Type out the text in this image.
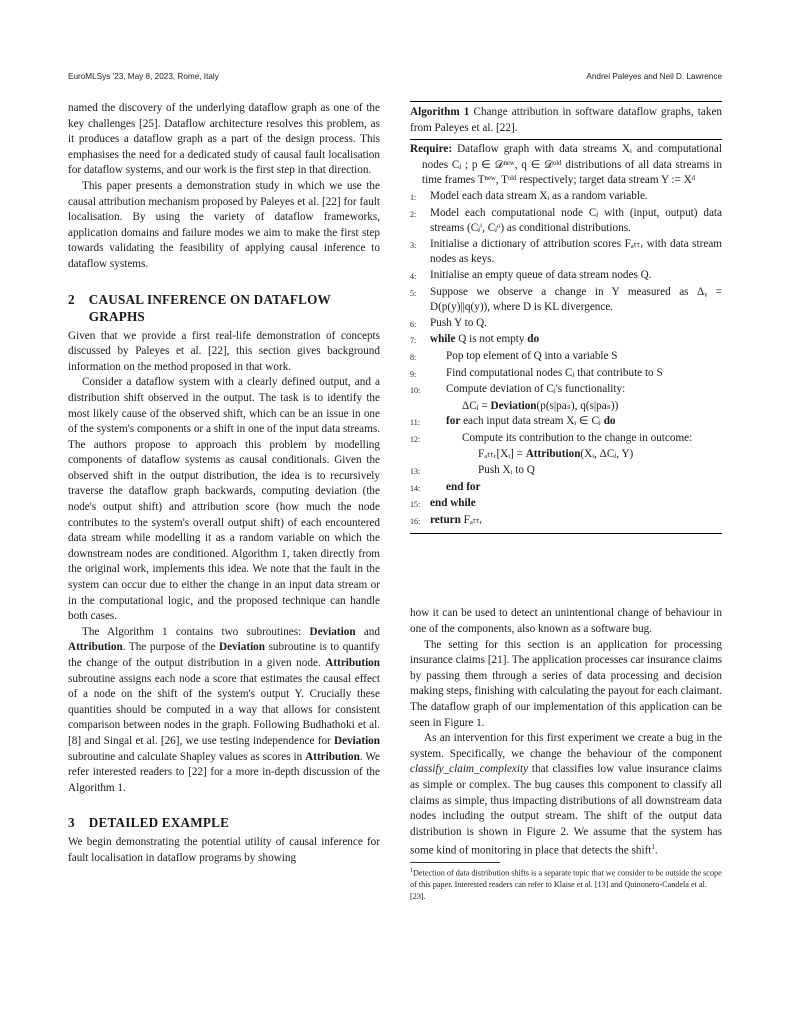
EuroMLSys '23, May 8, 2023, Rome, Italy	Andrei Paleyes and Neil D. Lawrence

named the discovery of the underlying dataflow graph as one of the key challenges [25]. Dataflow architecture resolves this problem, as it produces a dataflow graph as a part of the design process. This emphasises the need for a dedicated study of causal fault localisation for dataflow systems, and our work is the first step in that direction.

This paper presents a demonstration study in which we use the causal attribution mechanism proposed by Paleyes et al. [22] for fault localisation. By using the variety of dataflow frameworks, application domains and failure modes we aim to make the first step towards validating the feasibility of applying causal inference to dataflow systems.

2 CAUSAL INFERENCE ON DATAFLOW GRAPHS

Given that we provide a first real-life demonstration of concepts discussed by Paleyes et al. [22], this section gives background information on the method proposed in that work.

Consider a dataflow system with a clearly defined output, and a distribution shift observed in the output. The task is to identify the most likely cause of the observed shift, which can be an issue in one of the system's components or a shift in one of the input data streams. The authors propose to approach this problem by modelling components of dataflow systems as causal conditionals. Given the observed shift in the output distribution, the idea is to recursively traverse the dataflow graph backwards, computing deviation (the node's output shift) and attribution score (how much the node contributes to the system's overall output shift) of each encountered data stream while modelling it as a random variable on which the downstream nodes are conditioned. Algorithm 1, taken directly from the original work, implements this idea. We note that the fault in the system can occur due to either the change in an input data stream or in the computational logic, and the proposed technique can handle both cases.

The Algorithm 1 contains two subroutines: Deviation and Attribution. The purpose of the Deviation subroutine is to quantify the change of the output distribution in a given node. Attribution subroutine assigns each node a score that estimates the causal effect of a node on the shift of the system's output Y. Crucially these quantities should be computed in a way that allows for consistent comparison between nodes in the graph. Following Budhathoki et al. [8] and Singal et al. [26], we use testing independence for Deviation subroutine and calculate Shapley values as scores in Attribution. We refer interested readers to [22] for a more in-depth discussion of the Algorithm 1.

3 DETAILED EXAMPLE

We begin demonstrating the potential utility of causal inference for fault localisation in dataflow programs by showing

Algorithm 1 Change attribution in software dataflow graphs, taken from Paleyes et al. [22].
Require: Dataflow graph with data streams Xᵢ and computational nodes Cⱼ ; p ∈ 𝒟ⁿᵉʷ, q ∈ 𝒟ᵒˡᵈ distributions of all data streams in time frames Tⁿᵉʷ, Tᵒˡᵈ respectively; target data stream Y := Xᵈ
1:	Model each data stream Xᵢ as a random variable.
2:	Model each computational node Cⱼ with (input, output) data streams (Cⱼⁱ, Cⱼᵒ) as conditional distributions.
3:	Initialise a dictionary of attribution scores Fₐₜₜᵣ with data stream nodes as keys.
4:	Initialise an empty queue of data stream nodes Q.
5:	Suppose we observe a change in Y measured as Δᵧ = D(p(y)||q(y)), where D is KL divergence.
6:	Push Y to Q.
7:	while Q is not empty do
8:	Pop top element of Q into a variable S
9:	Find computational nodes Cⱼ that contribute to S
10:	Compute deviation of Cⱼ's functionality:
ΔCⱼ = Deviation(p(s|paₛ), q(s|paₛ))
11:	for each input data stream Xᵢ ∈ Cⱼ do
12:	Compute its contribution to the change in outcome:
Fₐₜₜᵣ[Xᵢ] = Attribution(Xᵢ, ΔCⱼ, Y)
13:	Push Xᵢ to Q
14:	end for
15: end while
16: return Fₐₜₜᵣ

how it can be used to detect an unintentional change of behaviour in one of the components, also known as a software bug.

The setting for this section is an application for processing insurance claims [21]. The application processes car insurance claims by passing them through a series of data processing and decision making steps, finishing with calculating the payout for each claimant. The dataflow graph of our implementation of this application can be seen in Figure 1.

As an intervention for this first experiment we create a bug in the system. Specifically, we change the behaviour of the component classify_claim_complexity that classifies low value insurance claims as simple or complex. The bug causes this component to classify all claims as simple, thus impacting distributions of all downstream data nodes including the output stream. The shift of the output data distribution is shown in Figure 2. We assume that the system has some kind of monitoring in place that detects the shift$^1$.

$^1$Detection of data distribution shifts is a separate topic that we consider to be outside the scope of this paper. Interested readers can refer to Klaise et al. [13] and Quinonero-Candela et al. [23].
